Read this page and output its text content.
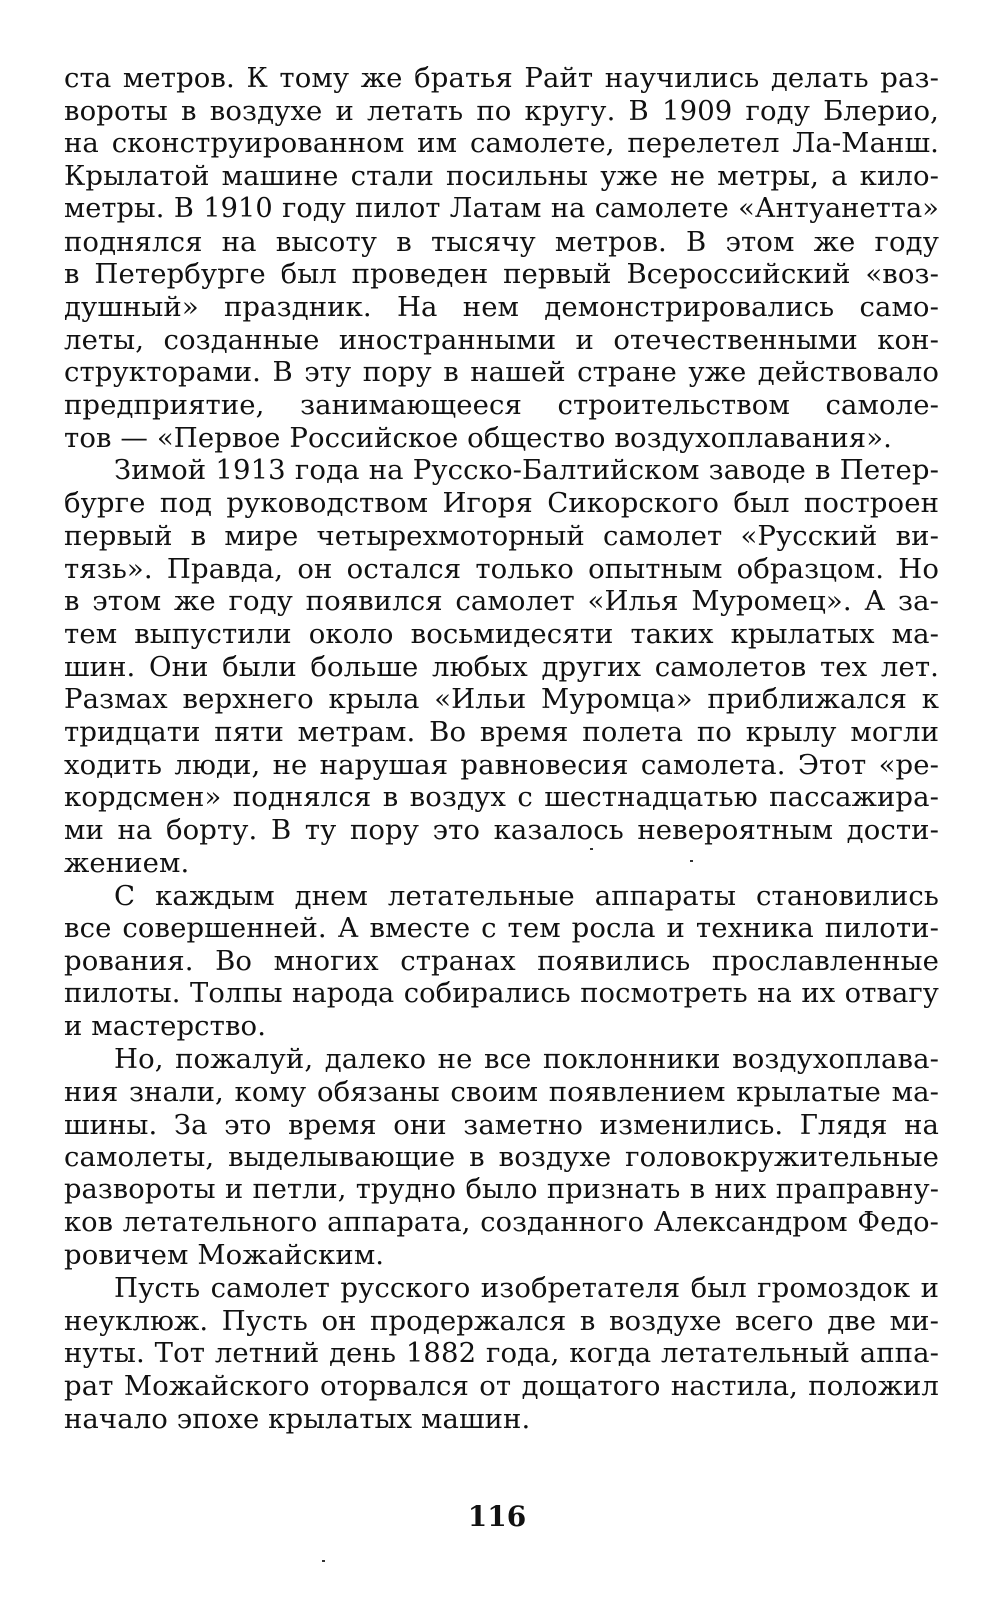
ста метров. К тому же братья Райт научились делать раз-
вороты в воздухе и летать по кругу. В 1909 году Блерио,
на сконструированном им самолете, перелетел Ла-Манш.
Крылатой машине стали посильны уже не метры, а кило-
метры. В 1910 году пилот Латам на самолете «Антуанетта»
поднялся на высоту в тысячу метров. В этом же году
в Петербурге был проведен первый Всероссийский «воз-
душный» праздник. На нем демонстрировались само-
леты, созданные иностранными и отечественными кон-
структорами. В эту пору в нашей стране уже действовало
предприятие, занимающееся строительством самоле-
тов — «Первое Российское общество воздухоплавания».

Зимой 1913 года на Русско-Балтийском заводе в Петер-
бурге под руководством Игоря Сикорского был построен
первый в мире четырехмоторный самолет «Русский ви-
тязь». Правда, он остался только опытным образцом. Но
в этом же году появился самолет «Илья Муромец». А за-
тем выпустили около восьмидесяти таких крылатых ма-
шин. Они были больше любых других самолетов тех лет.
Размах верхнего крыла «Ильи Муромца» приближался к
тридцати пяти метрам. Во время полета по крылу могли
ходить люди, не нарушая равновесия самолета. Этот «ре-
кордсмен» поднялся в воздух с шестнадцатью пассажира-
ми на борту. В ту пору это казалось невероятным дости-
жением.

С каждым днем летательные аппараты становились
все совершенней. А вместе с тем росла и техника пилоти-
рования. Во многих странах появились прославленные
пилоты. Толпы народа собирались посмотреть на их отвагу
и мастерство.

Но, пожалуй, далеко не все поклонники воздухоплава-
ния знали, кому обязаны своим появлением крылатые ма-
шины. За это время они заметно изменились. Глядя на
самолеты, выделывающие в воздухе головокружительные
развороты и петли, трудно было признать в них праправну-
ков летательного аппарата, созданного Александром Федо-
ровичем Можайским.

Пусть самолет русского изобретателя был громоздок и
неуклюж. Пусть он продержался в воздухе всего две ми-
нуты. Тот летний день 1882 года, когда летательный аппа-
рат Можайского оторвался от дощатого настила, положил
начало эпохе крылатых машин.

116
